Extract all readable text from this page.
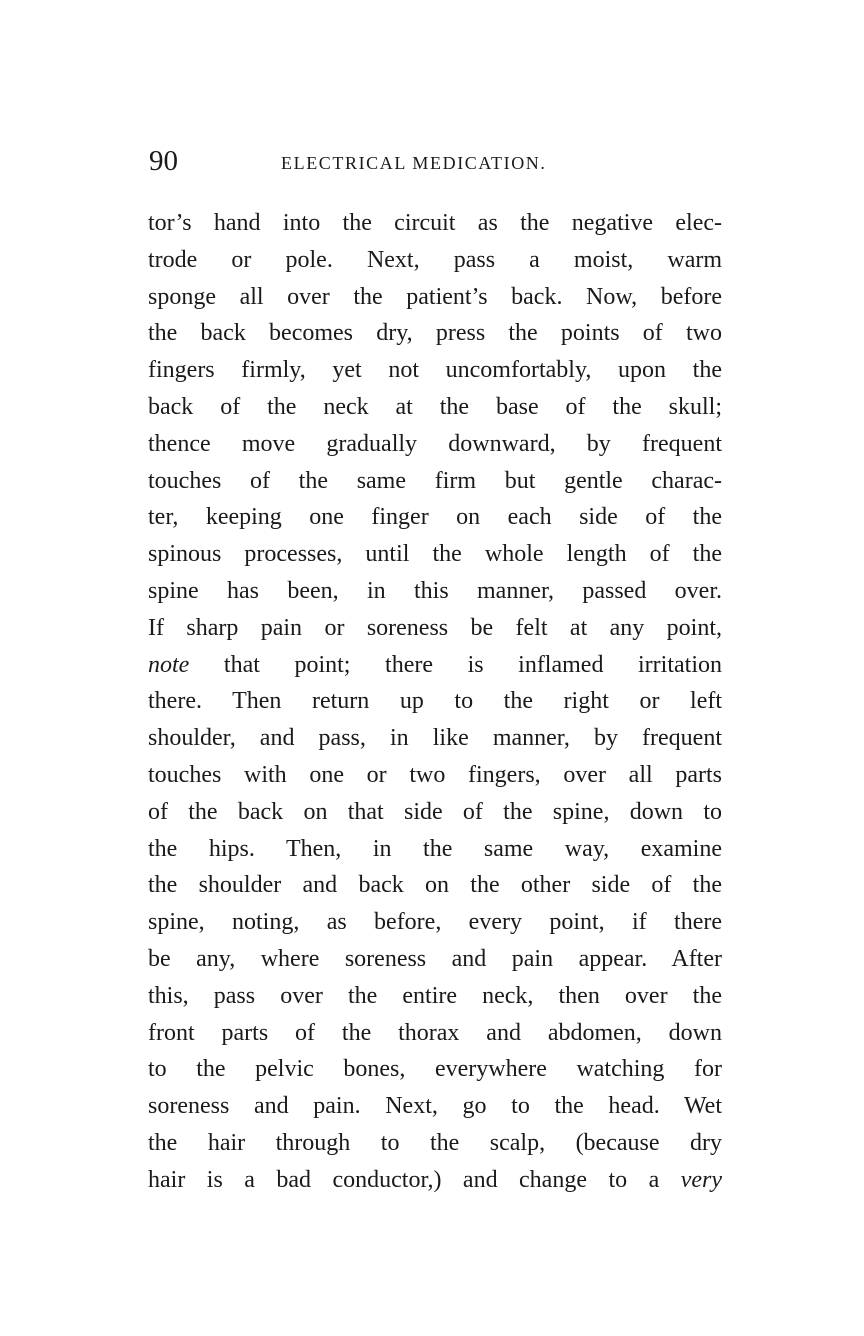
90	ELECTRICAL MEDICATION.
tor’s hand into the circuit as the negative elec-
trode or pole. Next, pass a moist, warm
sponge all over the patient’s back. Now, before
the back becomes dry, press the points of two
fingers firmly, yet not uncomfortably, upon the
back of the neck at the base of the skull;
thence move gradually downward, by frequent
touches of the same firm but gentle charac-
ter, keeping one finger on each side of the
spinous processes, until the whole length of the
spine has been, in this manner, passed over.
If sharp pain or soreness be felt at any point,
note that point; there is inflamed irritation
there. Then return up to the right or left
shoulder, and pass, in like manner, by frequent
touches with one or two fingers, over all parts
of the back on that side of the spine, down to
the hips. Then, in the same way, examine
the shoulder and back on the other side of the
spine, noting, as before, every point, if there
be any, where soreness and pain appear. After
this, pass over the entire neck, then over the
front parts of the thorax and abdomen, down
to the pelvic bones, everywhere watching for
soreness and pain. Next, go to the head. Wet
the hair through to the scalp, (because dry
hair is a bad conductor,) and change to a very
